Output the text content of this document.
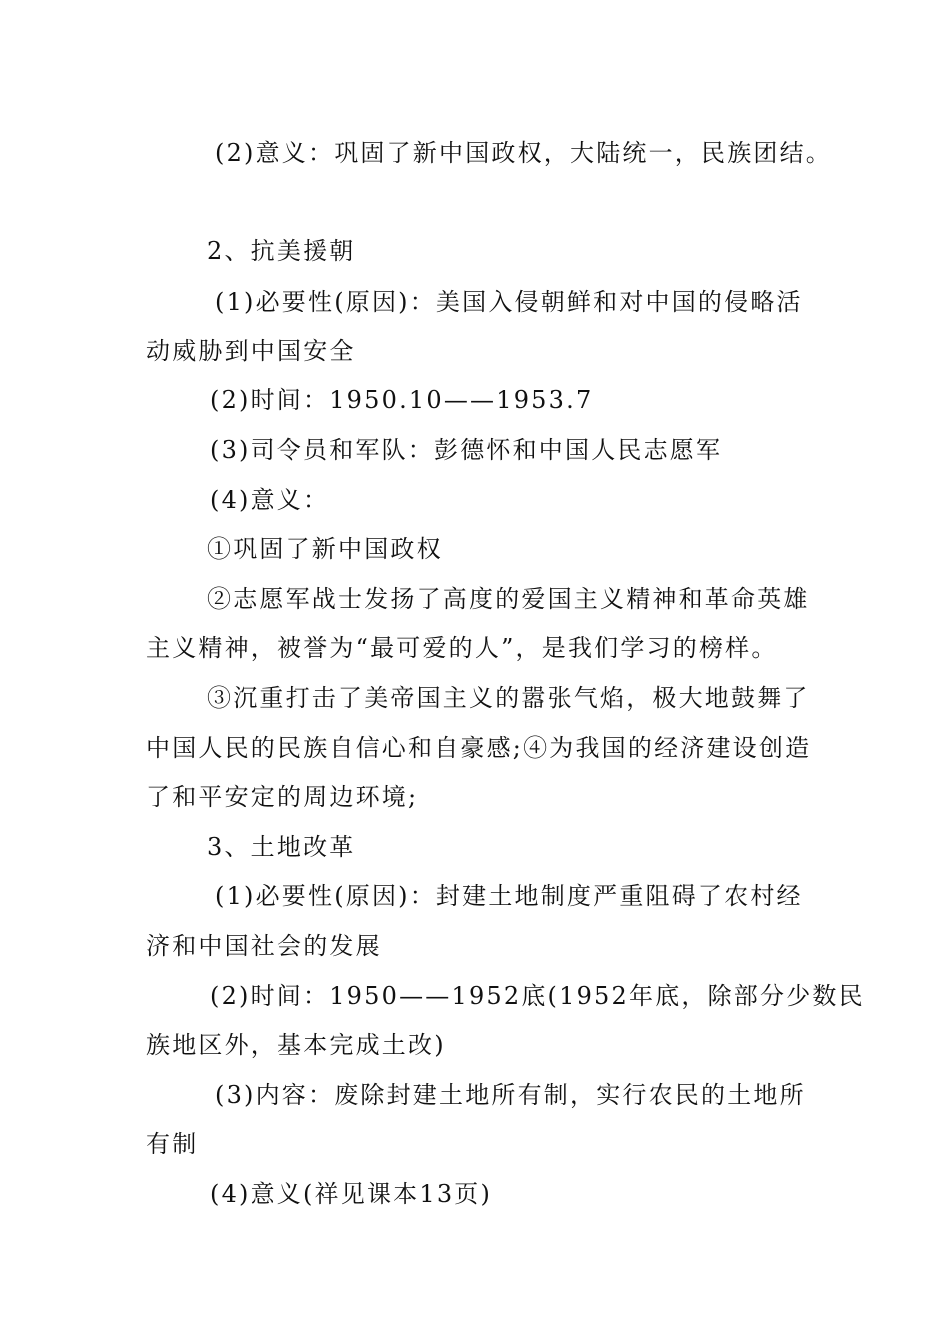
(2)意义：巩固了新中国政权，大陆统一，民族团结。
2、抗美援朝
(1)必要性(原因)：美国入侵朝鲜和对中国的侵略活
动威胁到中国安全
(2)时间：1950.10——1953.7
(3)司令员和军队：彭德怀和中国人民志愿军
(4)意义：
①巩固了新中国政权
②志愿军战士发扬了高度的爱国主义精神和革命英雄
主义精神，被誉为“最可爱的人”，是我们学习的榜样。
③沉重打击了美帝国主义的嚣张气焰，极大地鼓舞了
中国人民的民族自信心和自豪感;④为我国的经济建设创造
了和平安定的周边环境;
3、土地改革
(1)必要性(原因)：封建土地制度严重阻碍了农村经
济和中国社会的发展
(2)时间：1950——1952底(1952年底，除部分少数民
族地区外，基本完成土改)
(3)内容：废除封建土地所有制，实行农民的土地所
有制
(4)意义(祥见课本13页)
